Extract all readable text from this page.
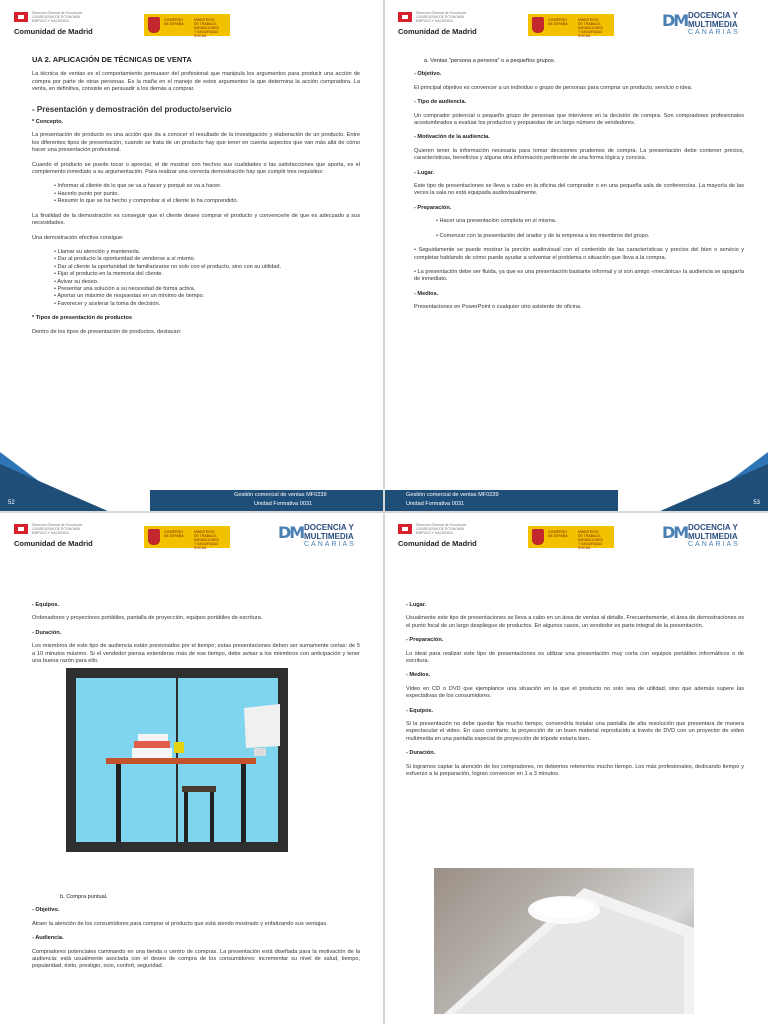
Dirección General de Formación
CONSEJERÍA DE ECONOMÍA,
EMPLEO Y HACIENDA
Comunidad de Madrid
GOBIERNO
DE ESPAÑA
MINISTERIO
DE TRABAJO, MIGRACIONES
Y SEGURIDAD SOCIAL
UA 2. APLICACIÓN DE TÉCNICAS DE VENTA

La técnica de ventas es el comportamiento persuasor del profesional que manipula los argumentos para producir una acción de compra por parte de otras personas. Es la maña en el manejo de estos argumentos la que determina la acción compradora. La venta, en definitiva, consiste en persuadir a los demás a comprar.

- Presentación y demostración del producto/servicio
* Concepto.

La presentación de producto es una acción que da a conocer el resultado de la investigación y elaboración de un producto. Entre los diferentes tipos de presentación, cuando se trata de un producto hay que tener en cuenta aspectos que van más allá de cómo hacer una presentación profesional.

Cuando el producto se puede tocar o apreciar, el de mostrar con hechos sus cualidades o las satisfacciones que aporta, es el complemento inmediato a su argumentación. Para realizar una correcta demostración hay que cumplir tres requisitos:

• Informar al cliente de lo que se va a hacer y porqué se va a hacer.
• Hacerlo punto por punto.
• Resumir lo que se ha hecho y comprobar si el cliente lo ha comprendido.

La finalidad de la demostración es conseguir que el cliente desee comprar el producto y convencerle de que es adecuado a sus necesidades.

Una demostración efectiva consigue:

• Llamar su atención y mantenerla.
• Dar al producto la oportunidad de venderse a sí mismo.
• Dar al cliente la oportunidad de familiarizarse no solo con el producto, sino con su utilidad.
• Fijar el producto en la memoria del cliente.
• Avivar su deseo.
• Presentar una solución a su necesidad de forma activa.
• Aportar un máximo de respuestas en un mínimo de tiempo.
• Favorecer y acelerar la toma de decisión.
* Tipos de presentación de productos

Dentro de los tipos de presentación de productos, destacan:

Gestión comercial de ventas MF0239
Unidad Formativa 0031
52
Dirección General de Formación
CONSEJERÍA DE ECONOMÍA,
EMPLEO Y HACIENDA
Comunidad de Madrid
GOBIERNO
DE ESPAÑA
MINISTERIO
DE TRABAJO, MIGRACIONES
Y SEGURIDAD SOCIAL
DM DOCENCIA Y
MULTIMEDIA
CANARIAS
a. Ventas "persona a persona" o a pequeños grupos.
- Objetivo.

El principal objetivo es convencer a un individuo o grupo de personas para comprar un producto, servicio o idea.

- Tipo de audiencia.

Un comprador potencial o pequeño grupo de personas que interviene en la decisión de compra. Son compradores profesionales acostumbrados a evaluar los productos y propuestas de un largo número de vendedores.

- Motivación de la audiencia.

Quieren tener la información necesaria para tomar decisiones prudentes de compra. La presentación debe contener precios, características, beneficios y alguna otra información pertinente de una forma lógica y concisa.

- Lugar.

Este tipo de presentaciones se lleva a cabo en la oficina del comprador o en una pequeña sala de conferencias. La mayoría de las veces la sala no está equipada audiovisualmente.

- Preparación.

• Hacer una presentación completa en sí misma.

• Comenzar con la presentación del orador y de la empresa a los miembros del grupo.

• Seguidamente se puede mostrar la porción audiovisual con el contenido de las características y precios del bien o servicio y completar hablando de cómo puede ayudar a solventar el problema o situación que lleva a la compra.

• La presentación debe ser fluida, ya que es una presentación bastante informal y si son amigo «mecánica» la audiencia se apagaría de inmediato.

- Medios.

Presentaciones en PowerPoint o cualquier otro asistente de oficina.

Gestión comercial de ventas MF0239
Unidad Formativa 0031	53
Dirección General de Formación
CONSEJERÍA DE ECONOMÍA,
EMPLEO Y HACIENDA
Comunidad de Madrid
GOBIERNO
DE ESPAÑA
MINISTERIO
DE TRABAJO, MIGRACIONES
Y SEGURIDAD SOCIAL
DM DOCENCIA Y
MULTIMEDIA
CANARIAS
- Equipos.

Ordenadores y proyectores portátiles, pantalla de proyección, equipos portátiles de escritura.

- Duración.

Los miembros de este tipo de audiencia están presionados por el tiempo; estas presentaciones deben ser sumamente cortas: de 5 a 10 minutos máximo. Si el vendedor piensa extenderse más de ese tiempo, debe avisar a los miembros con anticipación y tener una buena razón para ello.

b. Compra puntual.
- Objetivo.

Atraer la atención de los consumidores para comprar el producto que está siendo mostrado y enfatizando sus ventajas.

- Audiencia.

Compradores potenciales caminando en una tienda o centro de compras. La presentación está diseñada para la motivación de la audiencia: está usualmente asociada con el deseo de compra de los consumidores: incrementar su nivel de salud, tiempo, popularidad, éxito, prestigio, ocio, confort, seguridad.

Dirección General de Formación
CONSEJERÍA DE ECONOMÍA,
EMPLEO Y HACIENDA
Comunidad de Madrid
GOBIERNO
DE ESPAÑA
MINISTERIO
DE TRABAJO, MIGRACIONES
Y SEGURIDAD SOCIAL
DM DOCENCIA Y
MULTIMEDIA
CANARIAS
- Lugar.

Usualmente este tipo de presentaciones se lleva a cabo en un área de ventas al detalle. Frecuentemente, el área de demostraciones es el punto focal de un largo despliegue de productos. En algunos casos, un vendedor es parte integral de la presentación.

- Preparación.

Lo ideal para realizar este tipo de presentaciones es utilizar una presentación muy corta con equipos portátiles informáticos o de escritura.

- Medios.

Video en CD o DVD que ejemplarice una situación en la que el producto no solo sea de utilidad, sino que además supere las expectativas de los consumidores.

- Equipos.

Si la presentación no debe quedar fija mucho tiempo, convendría instalar una pantalla de alta resolución que presentara de manera espectacular el video. En caso contrario, la proyección de un buen material reproducido a través de DVD con un proyector de video multimedia en una pantalla especial de proyección de trípode estaría bien.

- Duración.

Si logramos captar la atención de los compradores, no debemos retenerlos mucho tiempo. Los más profesionales, dedicando tiempo y esfuerzo a la preparación, logran convencer en 1 a 3 minutos.
